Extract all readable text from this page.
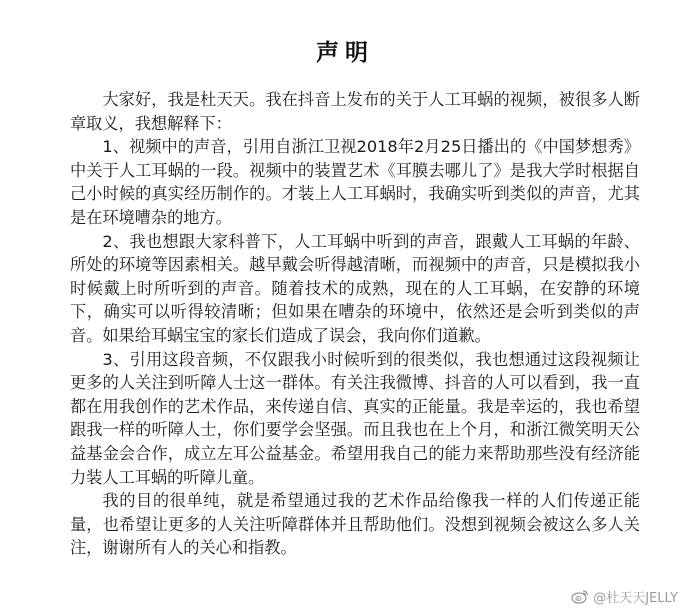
声明

大家好，我是杜天天。我在抖音上发布的关于人工耳蜗的视频，被很多人断章取义，我想解释下：

1、视频中的声音，引用自浙江卫视2018年2月25日播出的《中国梦想秀》中关于人工耳蜗的一段。视频中的装置艺术《耳膜去哪儿了》是我大学时根据自己小时候的真实经历制作的。才装上人工耳蜗时，我确实听到类似的声音，尤其是在环境嘈杂的地方。

2、我也想跟大家科普下，人工耳蜗中听到的声音，跟戴人工耳蜗的年龄、所处的环境等因素相关。越早戴会听得越清晰，而视频中的声音，只是模拟我小时候戴上时所听到的声音。随着技术的成熟，现在的人工耳蜗，在安静的环境下，确实可以听得较清晰；但如果在嘈杂的环境中，依然还是会听到类似的声音。如果给耳蜗宝宝的家长们造成了误会，我向你们道歉。

3、引用这段音频，不仅跟我小时候听到的很类似，我也想通过这段视频让更多的人关注到听障人士这一群体。有关注我微博、抖音的人可以看到，我一直都在用我创作的艺术作品，来传递自信、真实的正能量。我是幸运的，我也希望跟我一样的听障人士，你们要学会坚强。而且我也在上个月，和浙江微笑明天公益基金会合作，成立左耳公益基金。希望用我自己的能力来帮助那些没有经济能力装人工耳蜗的听障儿童。

我的目的很单纯，就是希望通过我的艺术作品给像我一样的人们传递正能量，也希望让更多的人关注听障群体并且帮助他们。没想到视频会被这么多人关注，谢谢所有人的关心和指教。

@杜天天JELLY
